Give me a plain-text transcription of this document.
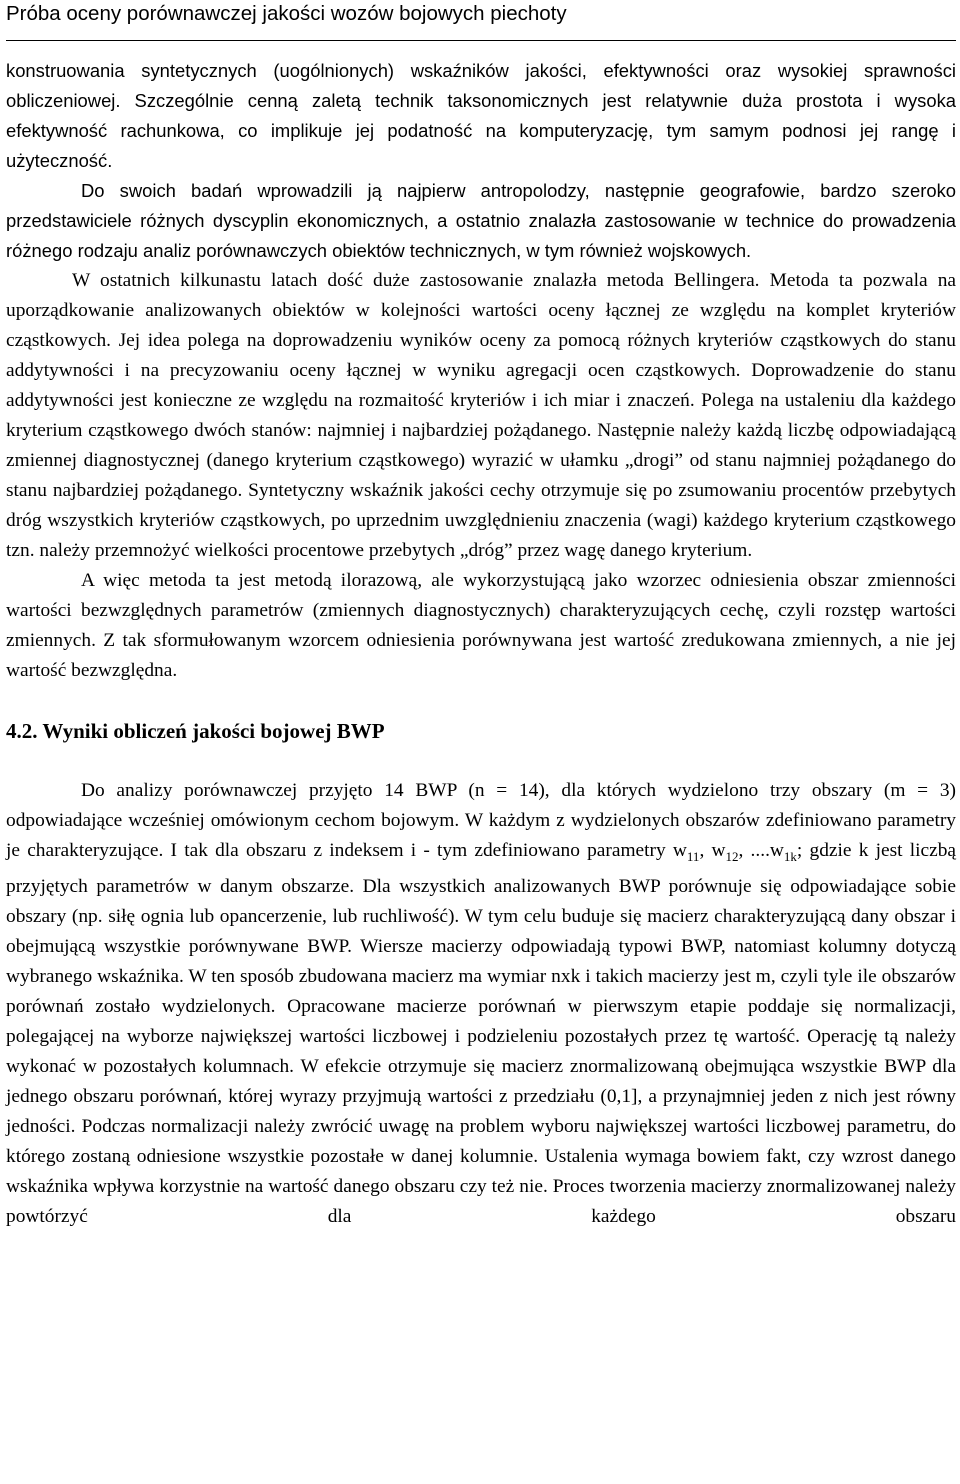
Próba oceny porównawczej jakości wozów bojowych piechoty

konstruowania syntetycznych (uogólnionych) wskaźników jakości, efektywności oraz wysokiej sprawności obliczeniowej. Szczególnie cenną zaletą technik taksonomicznych jest relatywnie duża prostota i wysoka efektywność rachunkowa, co implikuje jej podatność na komputeryzację, tym samym podnosi jej rangę i użyteczność.

Do swoich badań wprowadzili ją najpierw antropolodzy, następnie geografowie, bardzo szeroko przedstawiciele różnych dyscyplin ekonomicznych, a ostatnio znalazła zastosowanie w technice do prowadzenia różnego rodzaju analiz porównawczych obiektów technicznych, w tym również wojskowych.

W ostatnich kilkunastu latach dość duże zastosowanie znalazła metoda Bellingera. Metoda ta pozwala na uporządkowanie analizowanych obiektów w kolejności wartości oceny łącznej ze względu na komplet kryteriów cząstkowych. Jej idea polega na doprowadzeniu wyników oceny za pomocą różnych kryteriów cząstkowych do stanu addytywności i na precyzowaniu oceny łącznej w wyniku agregacji ocen cząstkowych. Doprowadzenie do stanu addytywności jest konieczne ze względu na rozmaitość kryteriów i ich miar i znaczeń. Polega na ustaleniu dla każdego kryterium cząstkowego dwóch stanów: najmniej i najbardziej pożądanego. Następnie należy każdą liczbę odpowiadającą zmiennej diagnostycznej (danego kryterium cząstkowego) wyrazić w ułamku „drogi” od stanu najmniej pożądanego do stanu najbardziej pożądanego. Syntetyczny wskaźnik jakości cechy otrzymuje się po zsumowaniu procentów przebytych dróg wszystkich kryteriów cząstkowych, po uprzednim uwzględnieniu znaczenia (wagi) każdego kryterium cząstkowego tzn. należy przemnożyć wielkości procentowe przebytych „dróg” przez wagę danego kryterium.

A więc metoda ta jest metodą ilorazową, ale wykorzystującą jako wzorzec odniesienia obszar zmienności wartości bezwzględnych parametrów (zmiennych diagnostycznych) charakteryzujących cechę, czyli rozstęp wartości zmiennych. Z tak sformułowanym wzorcem odniesienia porównywana jest wartość zredukowana zmiennych, a nie jej wartość bezwzględna.

4.2. Wyniki obliczeń jakości bojowej BWP

Do analizy porównawczej przyjęto 14 BWP (n = 14), dla których wydzielono trzy obszary (m = 3) odpowiadające wcześniej omówionym cechom bojowym. W każdym z wydzielonych obszarów zdefiniowano parametry je charakteryzujące. I tak dla obszaru z indeksem i - tym zdefiniowano parametry $w_{11}$, $w_{12}$, $....w_{1k}$; gdzie k jest liczbą przyjętych parametrów w danym obszarze. Dla wszystkich analizowanych BWP porównuje się odpowiadające sobie obszary (np. siłę ognia lub opancerzenie, lub ruchliwość). W tym celu buduje się macierz charakteryzującą dany obszar i obejmującą wszystkie porównywane BWP. Wiersze macierzy odpowiadają typowi BWP, natomiast kolumny dotyczą wybranego wskaźnika. W ten sposób zbudowana macierz ma wymiar nxk i takich macierzy jest m, czyli tyle ile obszarów porównań zostało wydzielonych. Opracowane macierze porównań w pierwszym etapie poddaje się normalizacji, polegającej na wyborze największej wartości liczbowej i podzieleniu pozostałych przez tę wartość. Operację tą należy wykonać w pozostałych kolumnach. W efekcie otrzymuje się macierz znormalizowaną obejmująca wszystkie BWP dla jednego obszaru porównań, której wyrazy przyjmują wartości z przedziału (0,1], a przynajmniej jeden z nich jest równy jedności. Podczas normalizacji należy zwrócić uwagę na problem wyboru największej wartości liczbowej parametru, do którego zostaną odniesione wszystkie pozostałe w danej kolumnie. Ustalenia wymaga bowiem fakt, czy wzrost danego wskaźnika wpływa korzystnie na wartość danego obszaru czy też nie. Proces tworzenia macierzy znormalizowanej należy powtórzyć dla każdego obszaru
